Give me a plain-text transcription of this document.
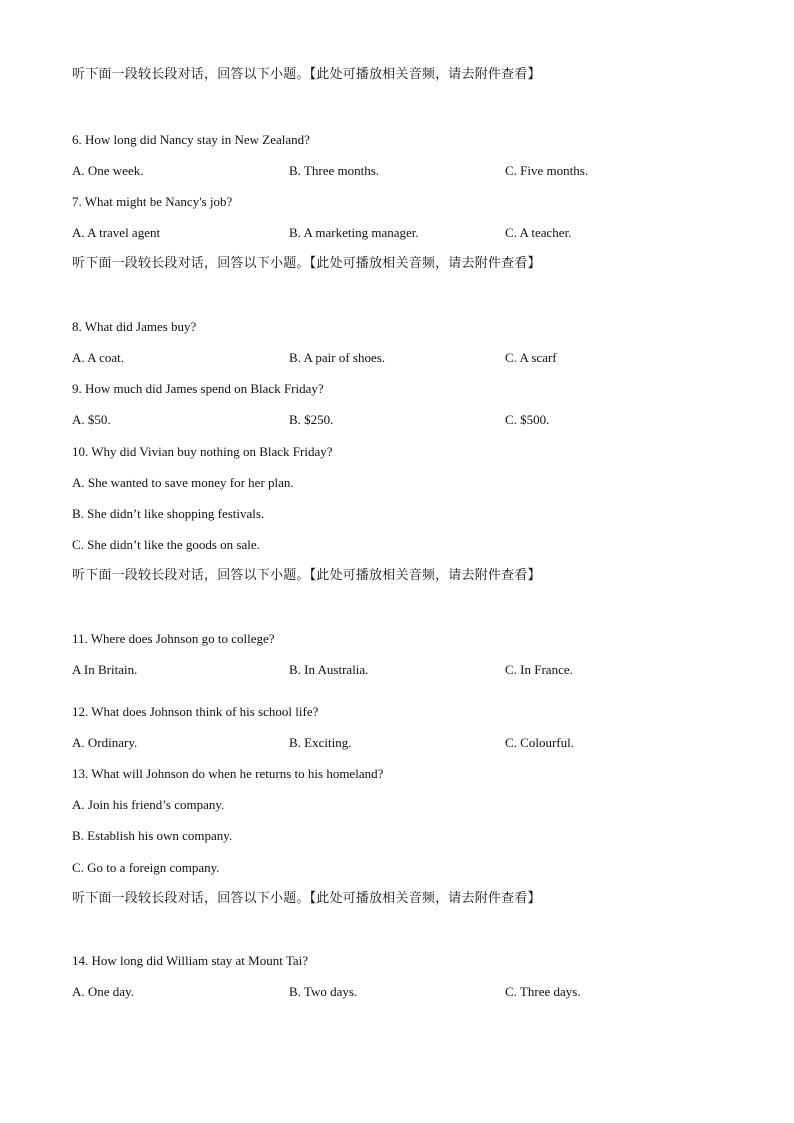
听下面一段较长段对话，回答以下小题。【此处可播放相关音频，请去附件查看】
6. How long did Nancy stay in New Zealand?
A. One week.	B. Three months.	C. Five months.
7. What might be Nancy's job?
A. A travel agent	B. A marketing manager.	C. A teacher.
听下面一段较长段对话，回答以下小题。【此处可播放相关音频，请去附件查看】
8. What did James buy?
A. A coat.	B. A pair of shoes.	C. A scarf
9. How much did James spend on Black Friday?
A. $50.	B. $250.	C. $500.
10. Why did Vivian buy nothing on Black Friday?
A. She wanted to save money for her plan.
B. She didn’t like shopping festivals.
C. She didn’t like the goods on sale.
听下面一段较长段对话，回答以下小题。【此处可播放相关音频，请去附件查看】
11. Where does Johnson go to college?
A In Britain.	B. In Australia.	C. In France.
12. What does Johnson think of his school life?
A. Ordinary.	B. Exciting.	C. Colourful.
13. What will Johnson do when he returns to his homeland?
A. Join his friend’s company.
B. Establish his own company.
C. Go to a foreign company.
听下面一段较长段对话，回答以下小题。【此处可播放相关音频，请去附件查看】
14. How long did William stay at Mount Tai?
A. One day.	B. Two days.	C. Three days.
